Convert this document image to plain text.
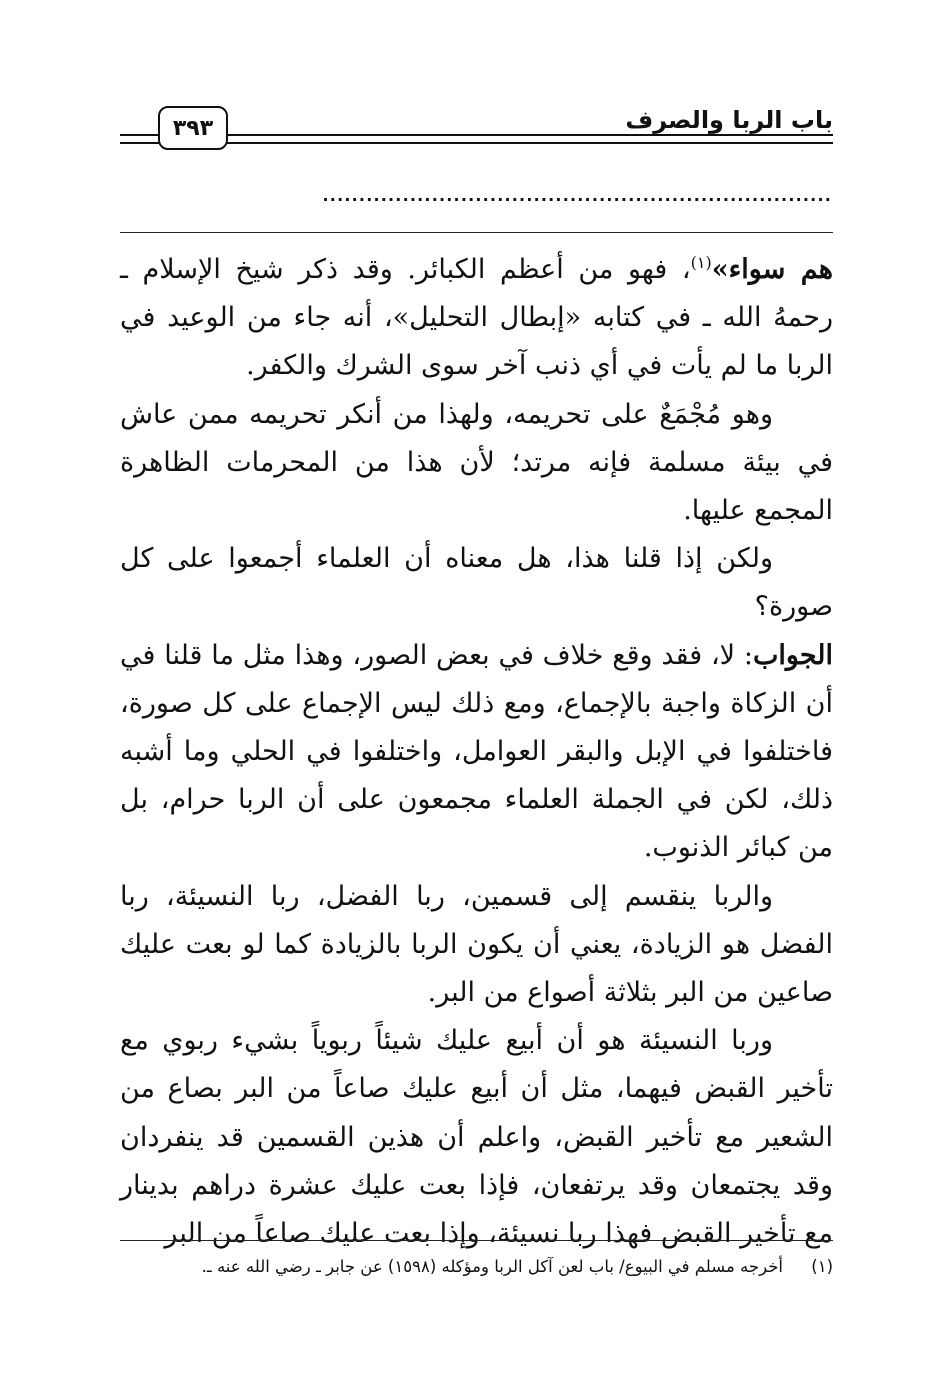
باب الربا والصرف
٣٩٣
......................................................................

هم سواء»$^{(١)}$، فهو من أعظم الكبائر. وقد ذكر شيخ الإسلام ـ رحمهُ الله ـ في كتابه «إبطال التحليل»، أنه جاء من الوعيد في الربا ما لم يأت في أي ذنب آخر سوى الشرك والكفر.

وهو مُجْمَعٌ على تحريمه، ولهذا من أنكر تحريمه ممن عاش في بيئة مسلمة فإنه مرتد؛ لأن هذا من المحرمات الظاهرة المجمع عليها.

ولكن إذا قلنا هذا، هل معناه أن العلماء أجمعوا على كل صورة؟

الجواب: لا، فقد وقع خلاف في بعض الصور، وهذا مثل ما قلنا في أن الزكاة واجبة بالإجماع، ومع ذلك ليس الإجماع على كل صورة، فاختلفوا في الإبل والبقر العوامل، واختلفوا في الحلي وما أشبه ذلك، لكن في الجملة العلماء مجمعون على أن الربا حرام، بل من كبائر الذنوب.

والربا ينقسم إلى قسمين، ربا الفضل، ربا النسيئة، ربا الفضل هو الزيادة، يعني أن يكون الربا بالزيادة كما لو بعت عليك صاعين من البر بثلاثة أصواع من البر.

وربا النسيئة هو أن أبيع عليك شيئاً ربوياً بشيء ربوي مع تأخير القبض فيهما، مثل أن أبيع عليك صاعاً من البر بصاع من الشعير مع تأخير القبض، واعلم أن هذين القسمين قد ينفردان وقد يجتمعان وقد يرتفعان، فإذا بعت عليك عشرة دراهم بدينار مع تأخير القبض فهذا ربا نسيئة، وإذا بعت عليك صاعاً من البر

(١)أخرجه مسلم في البيوع/ باب لعن آكل الربا ومؤكله (١٥٩٨) عن جابر ـ رضي الله عنه ـ.
